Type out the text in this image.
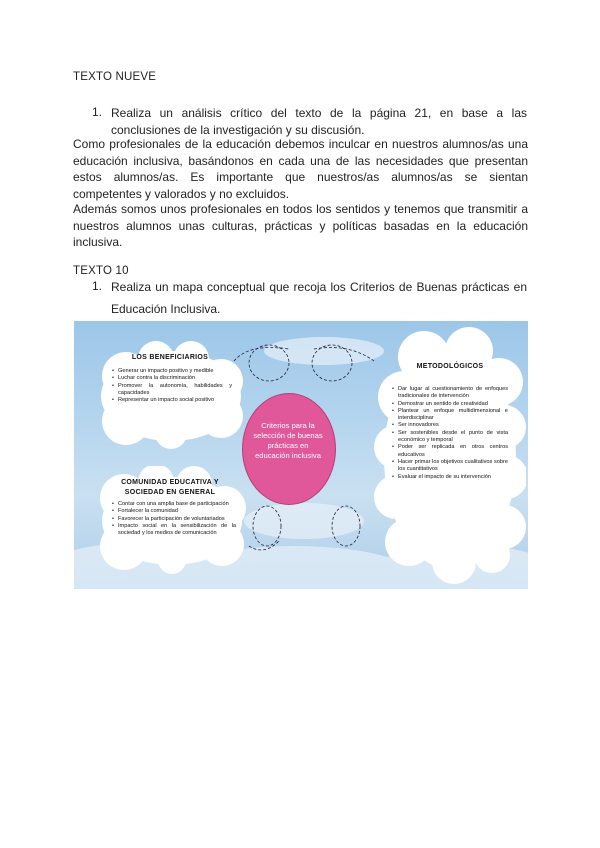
TEXTO NUEVE
1. Realiza un análisis crítico del texto de la página 21, en base a las
conclusiones de la investigación y su discusión.
Como profesionales de la educación debemos inculcar en nuestros alumnos/as una educación inclusiva, basándonos en cada una de las necesidades que presentan estos alumnos/as. Es importante que nuestros/as alumnos/as se sientan competentes y valorados y no excluidos.
Además somos unos profesionales en todos los sentidos y tenemos que transmitir a nuestros alumnos unas culturas, prácticas y políticas basadas en la educación inclusiva.
TEXTO 10
1. Realiza un mapa conceptual que recoja los Criterios de Buenas prácticas en
Educación Inclusiva.
LOS BENEFICIARIOS
• Generar un impacto positivo y medible
• Luchar contra la discriminación
• Promover la autonomía, habilidades y capacidades
• Representar un impacto social positivo
COMUNIDAD EDUCATIVA Y
SOCIEDAD EN GENERAL
• Contar con una amplia base de participación
• Fortalecer la comunidad
• Favorecer la participación de voluntariados
• Impacto social en la sensibilización de la sociedad y los medios de comunicación
Criterios para la selección de buenas prácticas en educación inclusiva
METODOLÓGICOS
• Dar lugar al cuestionamiento de enfoques tradicionales de intervención
• Demostrar un sentido de creatividad
• Plantear un enfoque multidimensional e interdisciplinar
• Ser innovadores
• Ser sostenibles desde el punto de vista económico y temporal
• Poder ser replicada en otros centros educativos
• Hacer primar los objetivos cualitativos sobre los cuantitativos
• Evaluar el impacto de su intervención
